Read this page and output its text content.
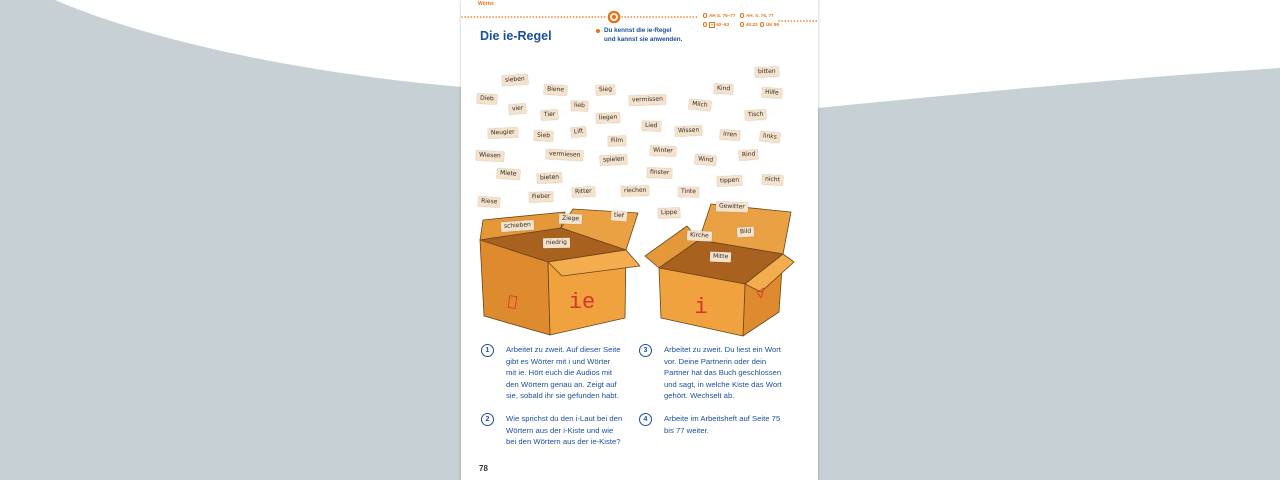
Wörter
AH S. 75–77	AH. S. 75, 77
+62–63	40:22	ÜK 86
Die ie-Regel	Du kennst die ie-Regel
und kannst sie anwenden.
ie	i
sieben
Biene	Sieg
vermissen
Kind
bitten
Hilfe
Dieb
vier	lieb
Tier	liegen
Milch
Tisch
Neugier	Sieb
Lift
Film
Lied
Wissen	irren	links
Wiesen	vermiesen
spielen
Winter
Wind
Rind
Miete	bieten
finster
tippen	nicht
Riese
Fieber
Ritter	riechen	Tinte
Gewitter
schieben
Ziege	tief	Lippe
niedrig
Kirche
Bild
Mitte
1	Arbeitet zu zweit. Auf dieser Seite
gibt es Wörter mit i und Wörter
mit ie. Hört euch die Audios mit
den Wörtern genau an. Zeigt auf
sie, sobald ihr sie gefunden habt.
2	Wie sprichst du den i-Laut bei den
Wörtern aus der i-Kiste und wie
bei den Wörtern aus der ie-Kiste?
3	Arbeitet zu zweit. Du liest ein Wort
vor. Deine Partnerin oder dein
Partner hat das Buch geschlossen
und sagt, in welche Kiste das Wort
gehört. Wechselt ab.
4	Arbeite im Arbeitsheft auf Seite 75
bis 77 weiter.
78
